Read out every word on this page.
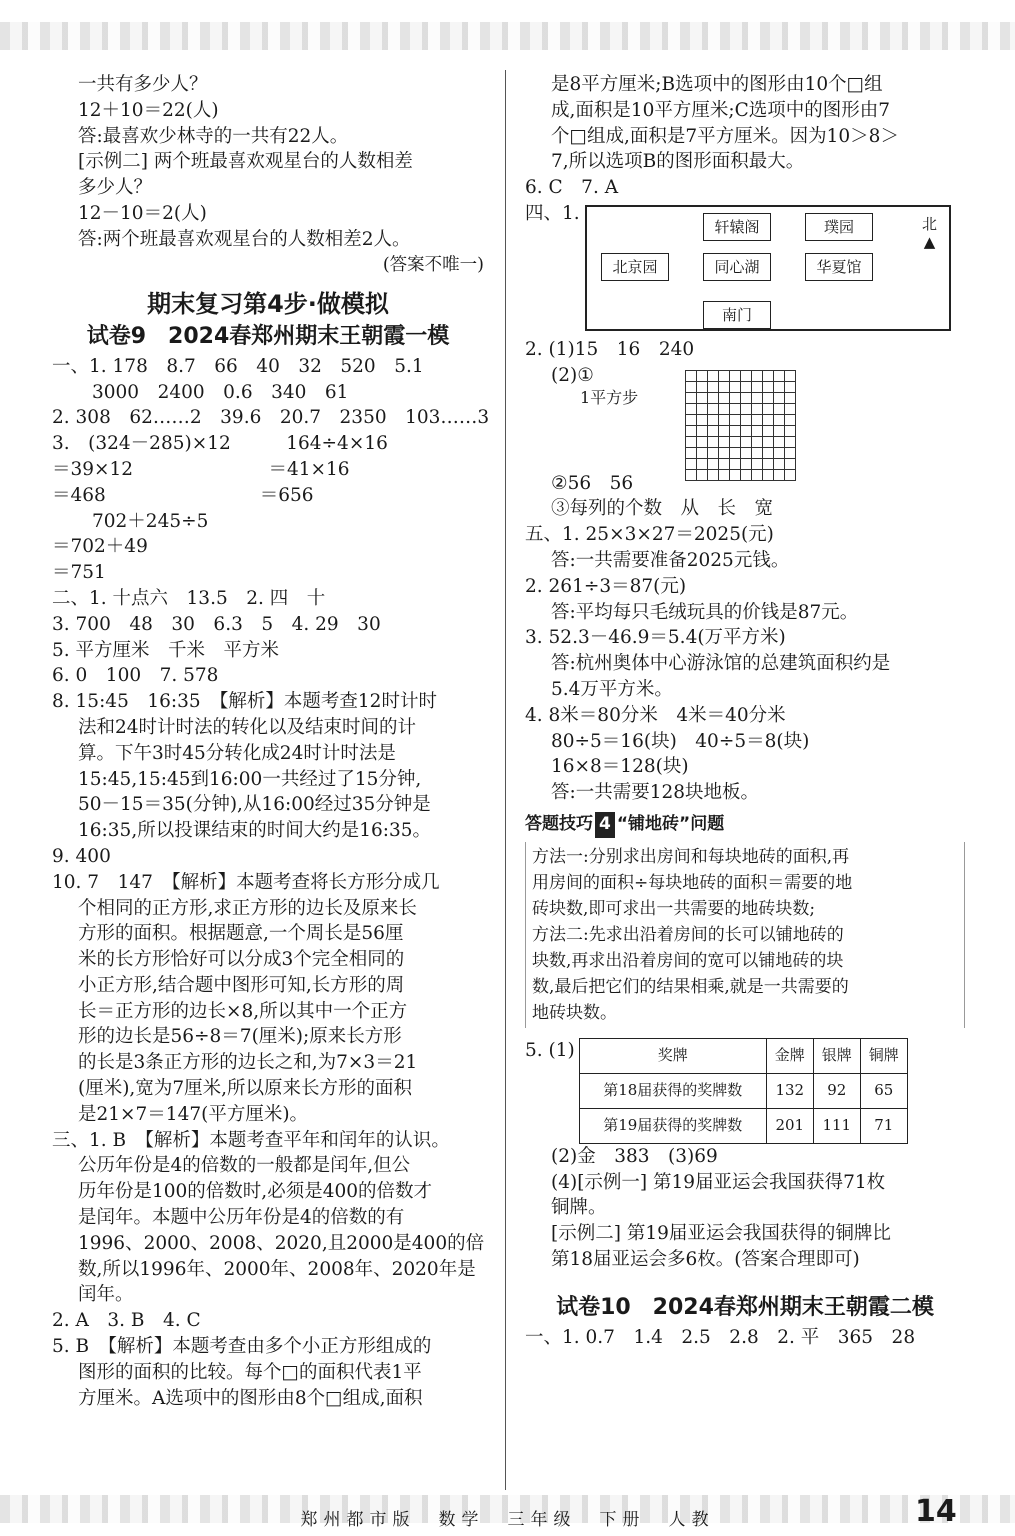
一共有多少人？
12＋10＝22(人)
答:最喜欢少林寺的一共有22人。
[示例二] 两个班最喜欢观星台的人数相差
多少人？
12－10＝2(人)
答:两个班最喜欢观星台的人数相差2人。
(答案不唯一)
期末复习第4步·做模拟
试卷9　2024春郑州期末王朝霞一模
一、1. 178　8.7　66　40　32　520　5.1
3000　2400　0.6　340　61
2. 308　62……2　39.6　20.7　2350　103……3
3.　(324－285)×12　　　164÷4×16
＝39×12　　　　　　　 ＝41×16
＝468　　　　　　　　 ＝656
702＋245÷5
＝702＋49
＝751
二、1. 十点六　13.5　2. 四　十
3. 700　48　30　6.3　5　4. 29　30
5. 平方厘米　千米　平方米
6. 0　100　7. 578
8. 15:45　16:35　【解析】本题考查12时计时
法和24时计时法的转化以及结束时间的计
算。下午3时45分转化成24时计时法是
15:45,15:45到16:00一共经过了15分钟,
50－15＝35(分钟),从16:00经过35分钟是
16:35,所以投课结束的时间大约是16:35。
9. 400
10. 7　147　【解析】本题考查将长方形分成几
个相同的正方形,求正方形的边长及原来长
方形的面积。根据题意,一个周长是56厘
米的长方形恰好可以分成3个完全相同的
小正方形,结合题中图形可知,长方形的周
长＝正方形的边长×8,所以其中一个正方
形的边长是56÷8＝7(厘米);原来长方形
的长是3条正方形的边长之和,为7×3＝21
(厘米),宽为7厘米,所以原来长方形的面积
是21×7＝147(平方厘米)。
三、1. B　【解析】本题考查平年和闰年的认识。
公历年份是4的倍数的一般都是闰年,但公
历年份是100的倍数时,必须是400的倍数才
是闰年。本题中公历年份是4的倍数的有
1996、2000、2008、2020,且2000是400的倍
数,所以1996年、2000年、2008年、2020年是
闰年。
2. A　3. B　4. C
5. B　【解析】本题考查由多个小正方形组成的
图形的面积的比较。每个□的面积代表1平
方厘米。A选项中的图形由8个□组成,面积
是8平方厘米;B选项中的图形由10个□组
成,面积是10平方厘米;C选项中的图形由7
个□组成,面积是7平方厘米。因为10＞8＞
7,所以选项B的图形面积最大。
6. C　7. A
四、1.
轩辕阁	璞园
北京园	同心湖	华夏馆
南门
北
▲
2. (1)15　16　240
(2)①
1平方步
②56　56
③每列的个数　从　长　宽
五、1. 25×3×27＝2025(元)
答:一共需要准备2025元钱。
2. 261÷3＝87(元)
答:平均每只毛绒玩具的价钱是87元。
3. 52.3－46.9＝5.4(万平方米)
答:杭州奥体中心游泳馆的总建筑面积约是
5.4万平方米。
4. 8米＝80分米　4米＝40分米
80÷5＝16(块)　40÷5＝8(块)
16×8＝128(块)
答:一共需要128块地板。
答题技巧 4 “铺地砖”问题
方法一:分别求出房间和每块地砖的面积,再
用房间的面积÷每块地砖的面积＝需要的地
砖块数,即可求出一共需要的地砖块数;
方法二:先求出沿着房间的长可以铺地砖的
块数,再求出沿着房间的宽可以铺地砖的块
数,最后把它们的结果相乘,就是一共需要的
地砖块数。
5. (1)	奖牌	金牌	银牌	铜牌
第18届获得的奖牌数	132	92	65
第19届获得的奖牌数	201	111	71
(2)金　383　(3)69
(4)[示例一] 第19届亚运会我国获得71枚
铜牌。
[示例二] 第19届亚运会我国获得的铜牌比
第18届亚运会多6枚。(答案合理即可)
试卷10　2024春郑州期末王朝霞二模
一、1. 0.7　1.4　2.5　2.8　2. 平　365　28
郑州都市版　数学　三年级　下册　人教	14
